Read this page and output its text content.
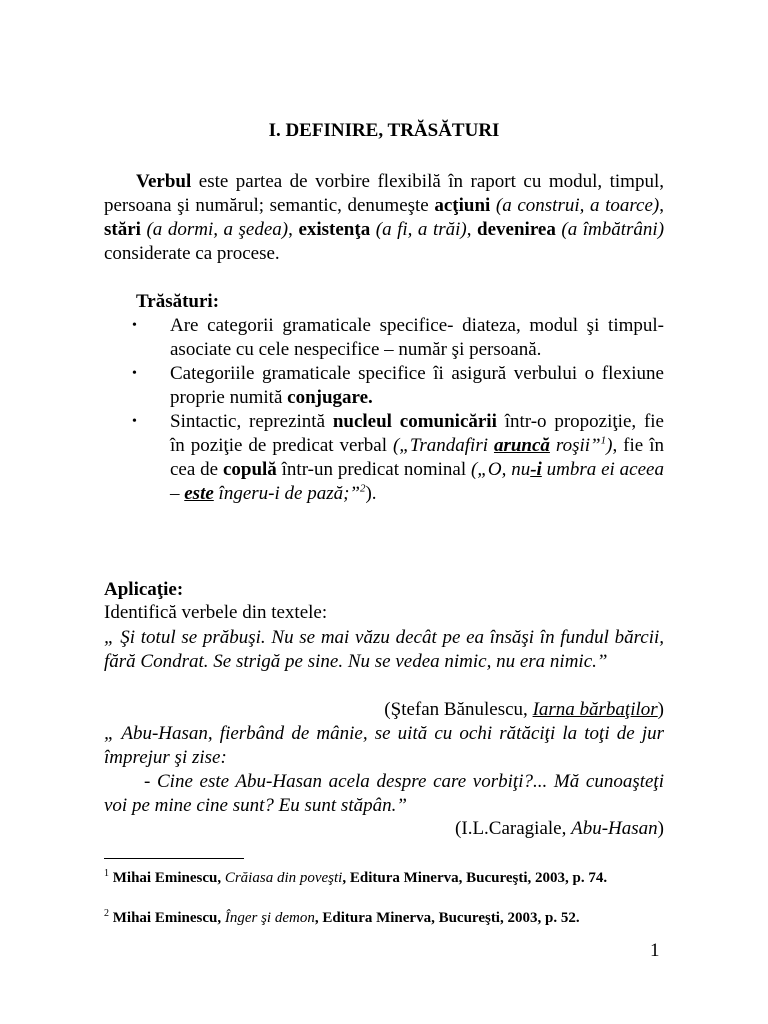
I. DEFINIRE, TRĂSĂTURI
Verbul este partea de vorbire flexibilă în raport cu modul, timpul, persoana şi numărul; semantic, denumeşte acţiuni (a construi, a toarce), stări (a dormi, a şedea), existenţa (a fi, a trăi), devenirea (a îmbătrâni) considerate ca procese.
Trăsături:
• Are categorii gramaticale specifice- diateza, modul şi timpul- asociate cu cele nespecifice – număr şi persoană.
• Categoriile gramaticale specifice îi asigură verbului o flexiune proprie numită conjugare.
• Sintactic, reprezintă nucleul comunicării într-o propoziţie, fie în poziţie de predicat verbal („Trandafiri aruncă roşii”$^1$), fie în cea de copulă într-un predicat nominal („O, nu-i umbra ei aceea – este îngeru-i de pază;”$^2$).
Aplicaţie:
Identifică verbele din textele:
„ Şi totul se prăbuşi. Nu se mai văzu decât pe ea însăşi în fundul bărcii, fără Condrat. Se strigă pe sine. Nu se vedea nimic, nu era nimic.”
(Ştefan Bănulescu, Iarna bărbaţilor)
„ Abu-Hasan, fierbând de mânie, se uită cu ochi rătăciţi la toţi de jur împrejur şi zise:
- Cine este Abu-Hasan acela despre care vorbiţi?... Mă cunoaşteţi voi pe mine cine sunt? Eu sunt stăpân.”
(I.L.Caragiale, Abu-Hasan)
$^1$ Mihai Eminescu, Crăiasa din poveşti, Editura Minerva, Bucureşti, 2003, p. 74.
$^2$ Mihai Eminescu, Înger şi demon, Editura Minerva, Bucureşti, 2003, p. 52.
1
